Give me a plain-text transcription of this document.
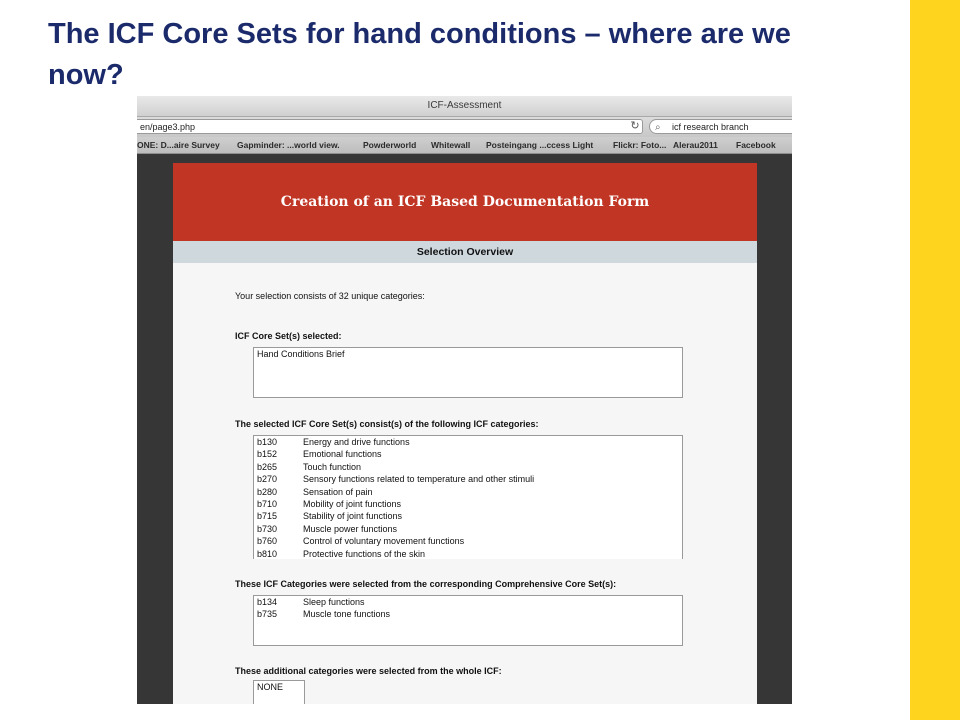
The ICF Core Sets for hand conditions – where are we now?
ICF-Assessment
en/page3.php	↻ ⌕ icf research branch
ONE: D...aire Survey Gapminder: ...world view.	Powderworld Whitewall Posteingang ...ccess Light Flickr: Foto... Alerau2011 Facebook
Creation of an ICF Based Documentation Form
Selection Overview
Your selection consists of 32 unique categories:
ICF Core Set(s) selected:
Hand Conditions Brief
The selected ICF Core Set(s) consist(s) of the following ICF categories:
b130	Energy and drive functions
b152	Emotional functions
b265	Touch function
b270	Sensory functions related to temperature and other stimuli
b280	Sensation of pain
b710	Mobility of joint functions
b715	Stability of joint functions
b730	Muscle power functions
b760	Control of voluntary movement functions
b810	Protective functions of the skin
These ICF Categories were selected from the corresponding Comprehensive Core Set(s):
b134	Sleep functions
b735	Muscle tone functions
These additional categories were selected from the whole ICF:
NONE
